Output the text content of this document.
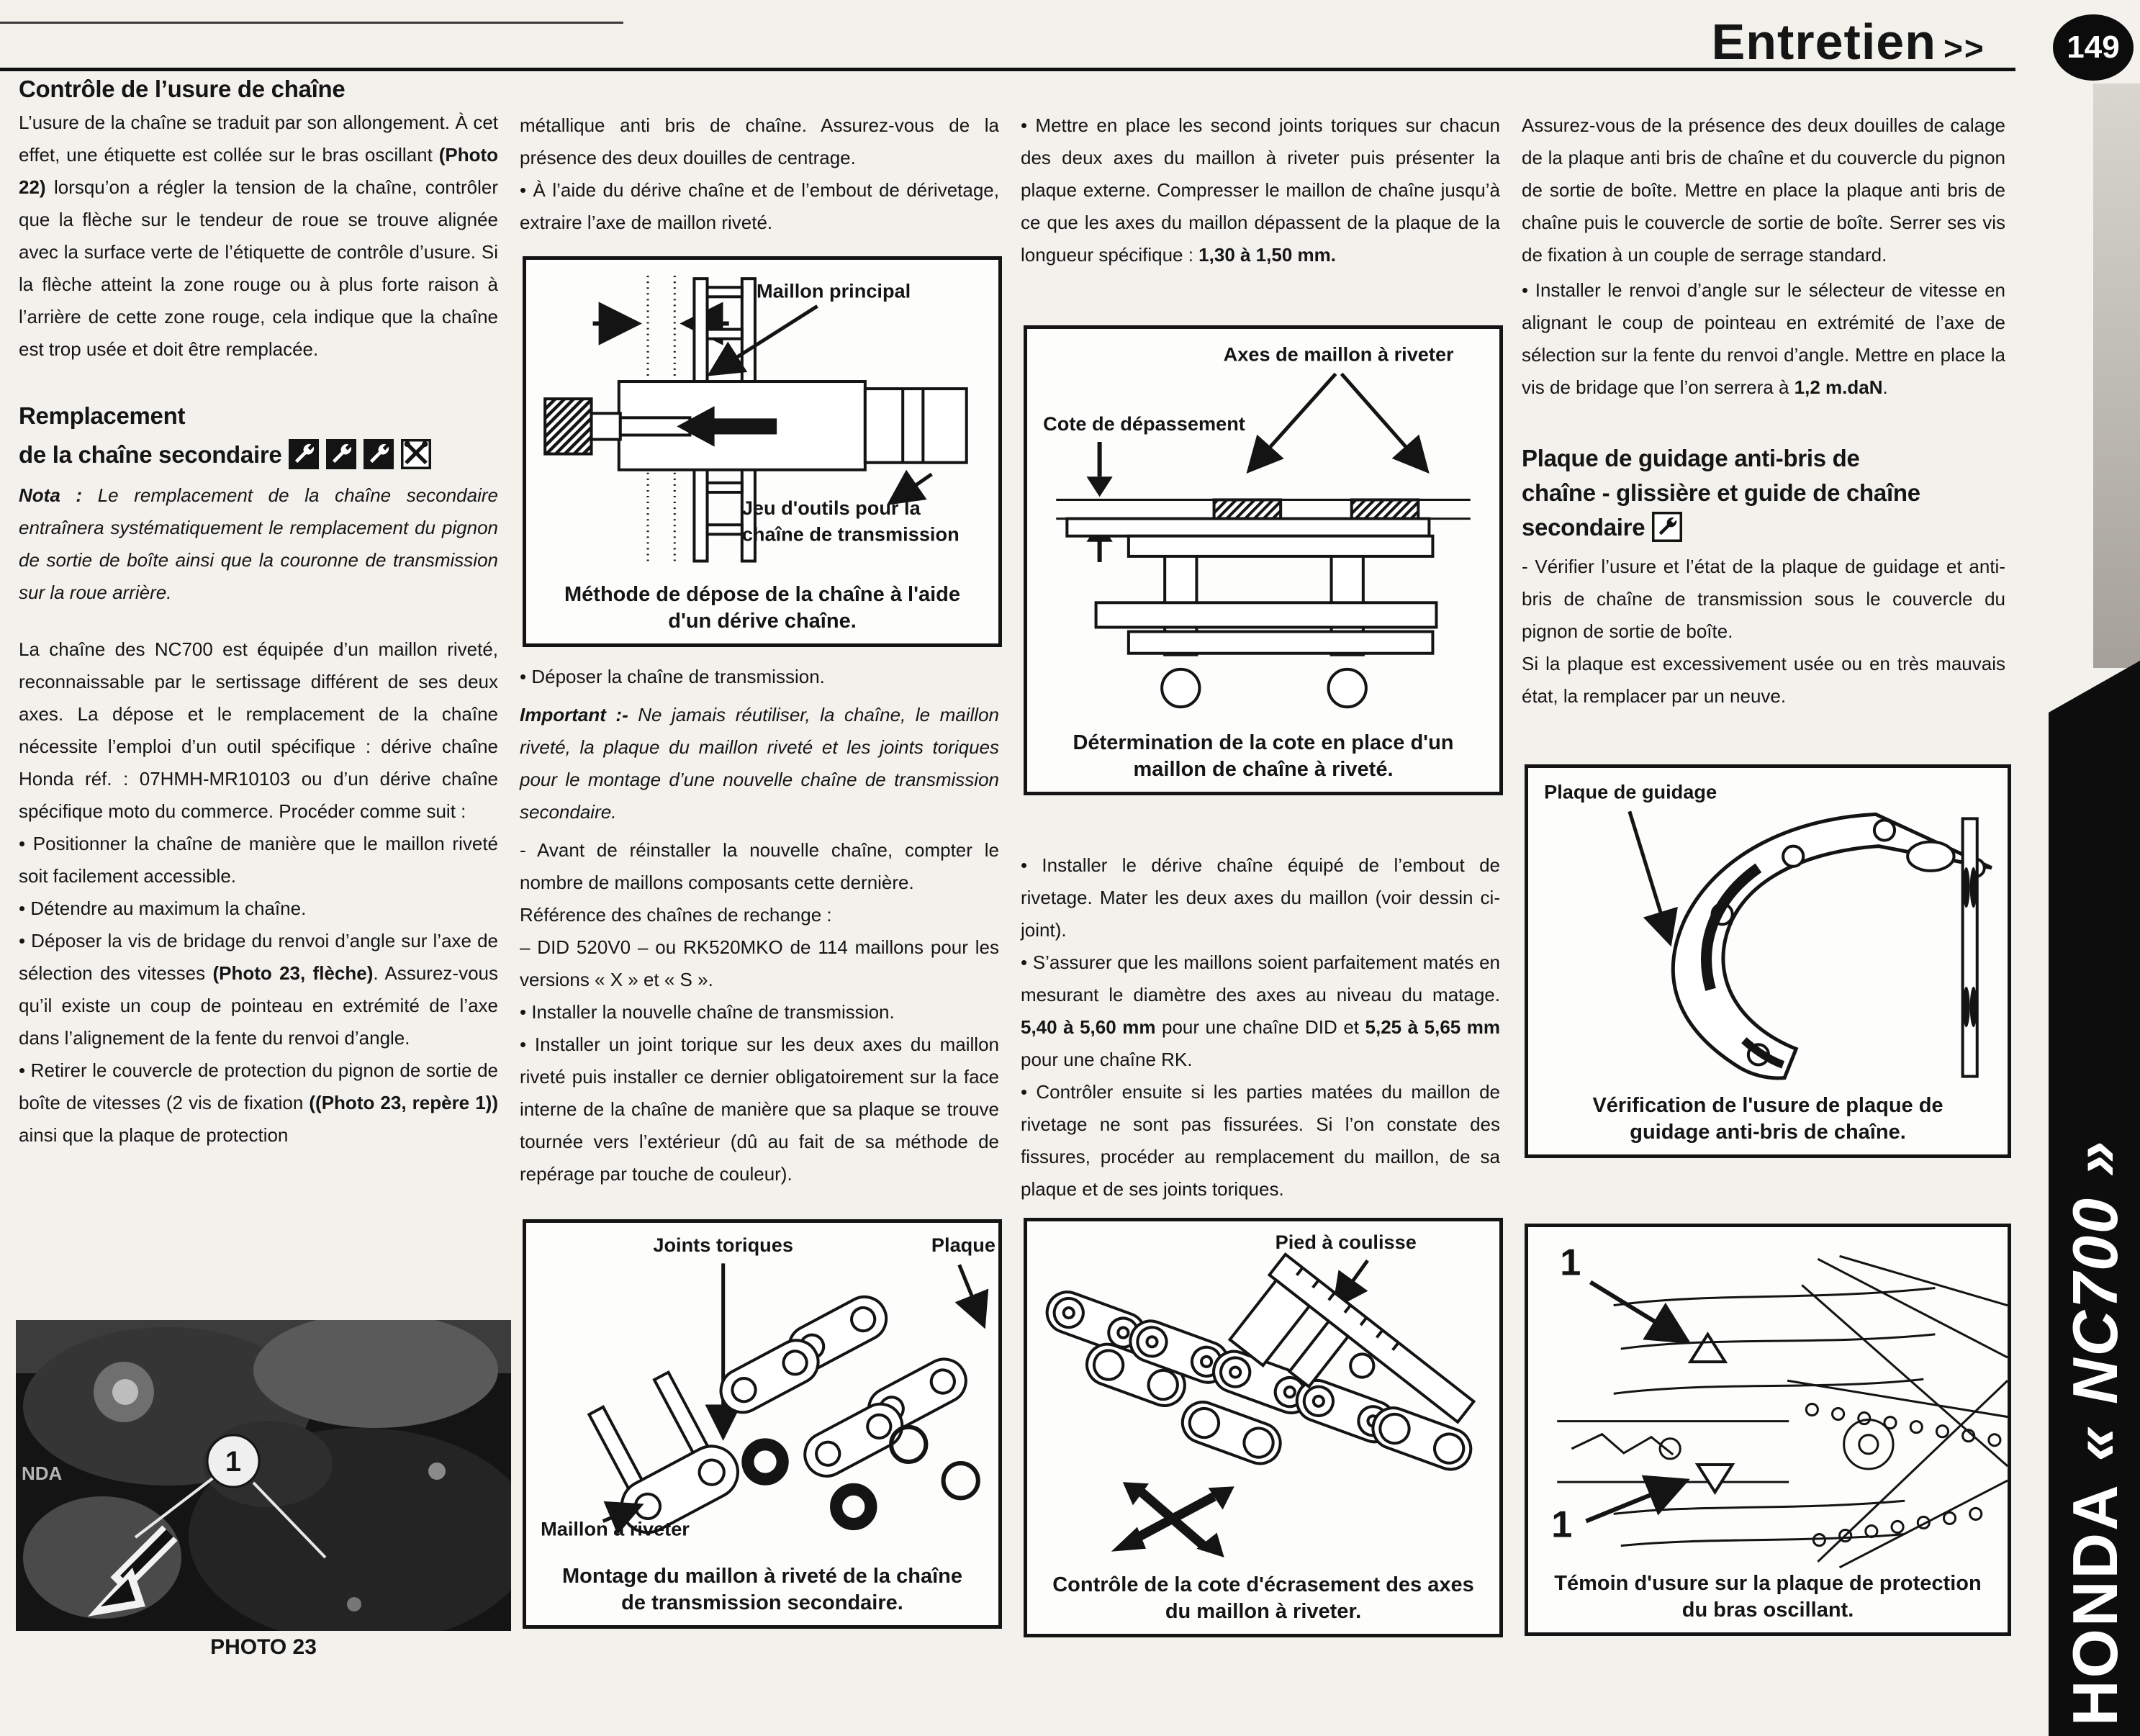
Entretien >>	149
HONDA
« NC700 »
Contrôle de l’usure de chaîne

L’usure de la chaîne se traduit par son allongement. À cet effet, une étiquette est collée sur le bras oscillant (Photo 22) lorsqu’on a régler la tension de la chaîne, contrôler que la flèche sur le tendeur de roue se trouve alignée avec la surface verte de l’étiquette de contrôle d’usure. Si la flèche atteint la zone rouge ou à plus forte raison à l’arrière de cette zone rouge, cela indique que la chaîne est trop usée et doit être remplacée.

Remplacement
de la chaîne secondaire

Nota : Le remplacement de la chaîne secondaire entraînera systématiquement le remplacement du pignon de sortie de boîte ainsi que la couronne de transmission sur la roue arrière.

La chaîne des NC700 est équipée d’un maillon riveté, reconnaissable par le sertissage différent de ses deux axes. La dépose et le remplacement de la chaîne nécessite l’emploi d’un outil spécifique : dérive chaîne Honda réf. : 07HMH-MR10103 ou d’un dérive chaîne spécifique moto du commerce. Procéder comme suit :

• Positionner la chaîne de manière que le maillon riveté soit facilement accessible.

• Détendre au maximum la chaîne.

• Déposer la vis de bridage du renvoi d’angle sur l’axe de sélection des vitesses (Photo 23, flèche). Assurez-vous qu’il existe un coup de pointeau en extrémité de l’axe dans l’alignement de la fente du renvoi d’angle.

• Retirer le couvercle de protection du pignon de sortie de boîte de vitesses (2 vis de fixation ((Photo 23, repère 1)) ainsi que la plaque de protection

métallique anti bris de chaîne. Assurez-vous de la présence des deux douilles de centrage.

• À l’aide du dérive chaîne et de l’embout de dérivetage, extraire l’axe de maillon riveté.

• Déposer la chaîne de transmission.

Important :- Ne jamais réutiliser, la chaîne, le maillon riveté, la plaque du maillon riveté et les joints toriques pour le montage d’une nouvelle chaîne de transmission secondaire.

- Avant de réinstaller la nouvelle chaîne, compter le nombre de maillons composants cette dernière.

Référence des chaînes de rechange :

– DID 520V0 – ou RK520MKO de 114 maillons pour les versions « X » et « S ».

• Installer la nouvelle chaîne de transmission.

• Installer un joint torique sur les deux axes du maillon riveté puis installer ce dernier obligatoirement sur la face interne de la chaîne de manière que sa plaque se trouve tournée vers l’extérieur (dû au fait de sa méthode de repérage par touche de couleur).

• Mettre en place les second joints toriques sur chacun des deux axes du maillon à riveter puis présenter la plaque externe. Compresser le maillon de chaîne jusqu’à ce que les axes du maillon dépassent de la plaque de la longueur spécifique : 1,30 à 1,50 mm.

• Installer le dérive chaîne équipé de l’embout de rivetage. Mater les deux axes du maillon (voir dessin ci-joint).

• S’assurer que les maillons soient parfaitement matés en mesurant le diamètre des axes au niveau du matage. 5,40 à 5,60 mm pour une chaîne DID et 5,25 à 5,65 mm pour une chaîne RK.

• Contrôler ensuite si les parties matées du maillon de rivetage ne sont pas fissurées. Si l’on constate des fissures, procéder au remplacement du maillon, de sa plaque et de ses joints toriques.

Assurez-vous de la présence des deux douilles de calage de la plaque anti bris de chaîne et du couvercle du pignon de sortie de boîte. Mettre en place la plaque anti bris de chaîne puis le couvercle de sortie de boîte. Serrer ses vis de fixation à un couple de serrage standard.

• Installer le renvoi d’angle sur le sélecteur de vitesse en alignant le coup de pointeau en extrémité de l’axe de sélection sur la fente du renvoi d’angle. Mettre en place la vis de bridage que l’on serrera à 1,2 m.daN.

Plaque de guidage anti-bris de
chaîne - glissière et guide de chaîne
secondaire

- Vérifier l’usure et l’état de la plaque de guidage et anti-bris de chaîne de transmission sous le couvercle du pignon de sortie de boîte.

Si la plaque est excessivement usée ou en très mauvais état, la remplacer par un neuve.

Maillon principal
Jeu d'outils pour la
chaîne de transmission
Méthode de dépose de la chaîne à l'aide d'un dérive chaîne.
Joints toriques	Plaque
Maillon à riveter
Montage du maillon à riveté de la chaîne de transmission secondaire.
Axes de maillon à riveter
Cote de dépassement
Détermination de la cote en place d'un maillon de chaîne à riveté.
Pied à coulisse
Contrôle de la cote d'écrasement des axes du maillon à riveter.
Plaque de guidage
Vérification de l'usure de plaque de guidage anti-bris de chaîne.
1
1
Témoin d'usure sur la plaque de protection du bras oscillant.
NDA	1
PHOTO 23
